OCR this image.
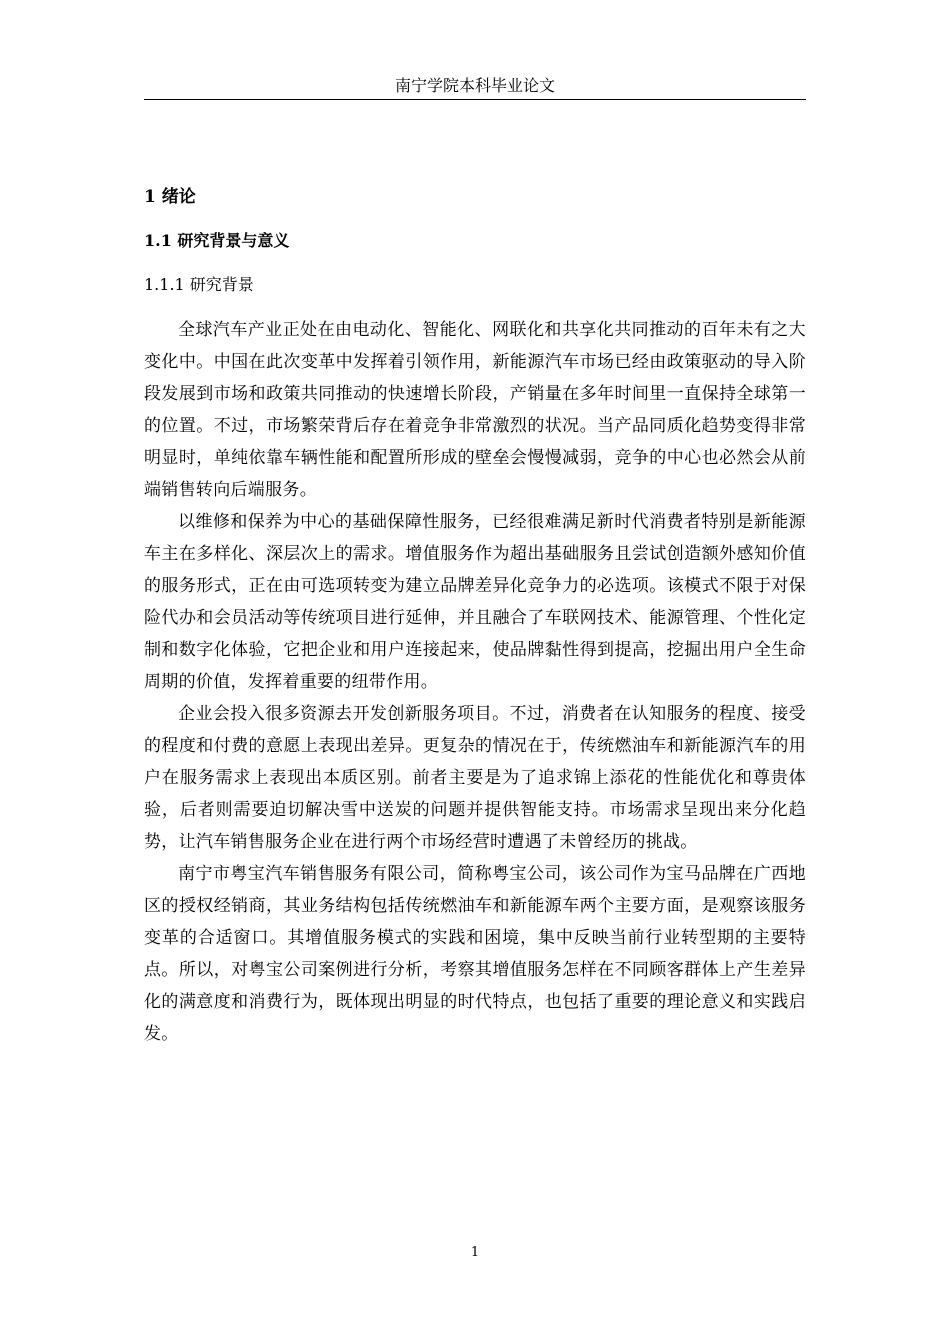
南宁学院本科毕业论文
1 绪论
1.1 研究背景与意义
1.1.1 研究背景

全球汽车产业正处在由电动化、智能化、网联化和共享化共同推动的百年未有之大变化中。中国在此次变革中发挥着引领作用，新能源汽车市场已经由政策驱动的导入阶段发展到市场和政策共同推动的快速增长阶段，产销量在多年时间里一直保持全球第一的位置。不过，市场繁荣背后存在着竞争非常激烈的状况。当产品同质化趋势变得非常明显时，单纯依靠车辆性能和配置所形成的壁垒会慢慢减弱，竞争的中心也必然会从前端销售转向后端服务。

以维修和保养为中心的基础保障性服务，已经很难满足新时代消费者特别是新能源车主在多样化、深层次上的需求。增值服务作为超出基础服务且尝试创造额外感知价值的服务形式，正在由可选项转变为建立品牌差异化竞争力的必选项。该模式不限于对保险代办和会员活动等传统项目进行延伸，并且融合了车联网技术、能源管理、个性化定制和数字化体验，它把企业和用户连接起来，使品牌黏性得到提高，挖掘出用户全生命周期的价值，发挥着重要的纽带作用。

企业会投入很多资源去开发创新服务项目。不过，消费者在认知服务的程度、接受的程度和付费的意愿上表现出差异。更复杂的情况在于，传统燃油车和新能源汽车的用户在服务需求上表现出本质区别。前者主要是为了追求锦上添花的性能优化和尊贵体验，后者则需要迫切解决雪中送炭的问题并提供智能支持。市场需求呈现出来分化趋势，让汽车销售服务企业在进行两个市场经营时遭遇了未曾经历的挑战。

南宁市粤宝汽车销售服务有限公司，简称粤宝公司，该公司作为宝马品牌在广西地区的授权经销商，其业务结构包括传统燃油车和新能源车两个主要方面，是观察该服务变革的合适窗口。其增值服务模式的实践和困境，集中反映当前行业转型期的主要特点。所以，对粤宝公司案例进行分析，考察其增值服务怎样在不同顾客群体上产生差异化的满意度和消费行为，既体现出明显的时代特点，也包括了重要的理论意义和实践启发。

1
